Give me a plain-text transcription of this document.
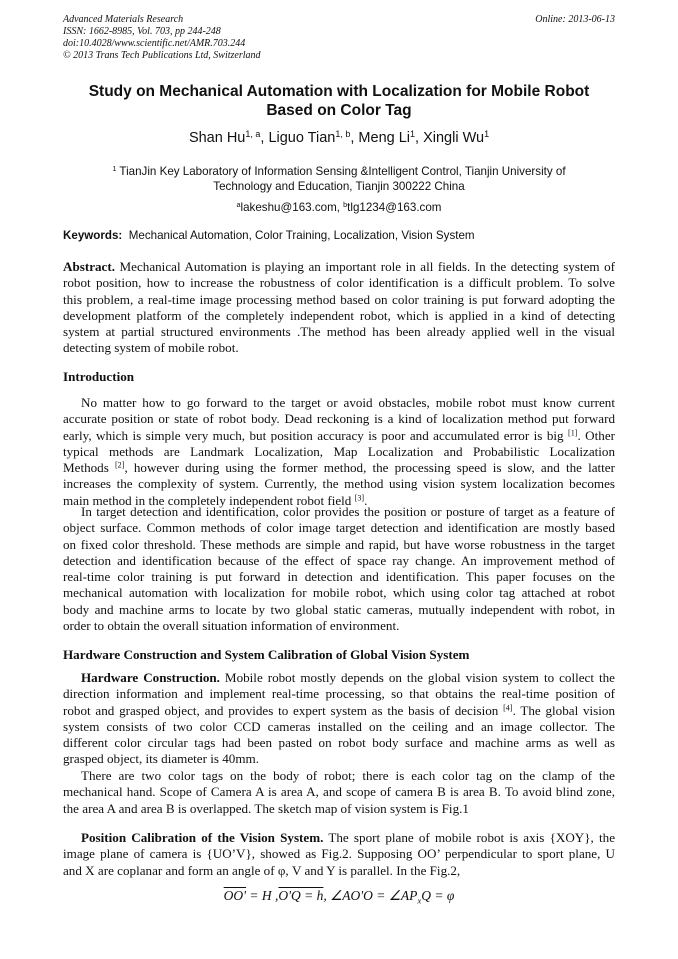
Advanced Materials Research
ISSN: 1662-8985, Vol. 703, pp 244-248
doi:10.4028/www.scientific.net/AMR.703.244
© 2013 Trans Tech Publications Ltd, Switzerland
Online: 2013-06-13
Study on Mechanical Automation with Localization for Mobile Robot
Based on Color Tag
Shan Hu$^{1, a}$, Liguo Tian$^{1, b}$, Meng Li$^1$, Xingli Wu$^1$
$^1$ TianJin Key Laboratory of Information Sensing &Intelligent Control, Tianjin University of
Technology and Education, Tianjin 300222 China
$^a$lakeshu@163.com, $^b$tlg1234@163.com
Keywords:  Mechanical Automation, Color Training, Localization, Vision System
Abstract. Mechanical Automation is playing an important role in all fields. In the detecting system of
robot position, how to increase the robustness of color identification is a difficult problem. To solve
this problem, a real-time image processing method based on color training is put forward adopting the
development platform of the completely independent robot, which is applied in a kind of detecting
system at partial structured environments .The method has been already applied well in the visual
detecting system of mobile robot.
Introduction
No matter how to go forward to the target or avoid obstacles, mobile robot must know current
accurate position or state of robot body. Dead reckoning is a kind of localization method put forward
early, which is simple very much, but position accuracy is poor and accumulated error is big [1]. Other
typical methods are Landmark Localization, Map Localization and Probabilistic Localization
Methods [2], however during using the former method, the processing speed is slow, and the latter
increases the complexity of system. Currently, the method using vision system localization becomes
main method in the completely independent robot field [3].
In target detection and identification, color provides the position or posture of target as a feature of
object surface. Common methods of color image target detection and identification are mostly based
on fixed color threshold. These methods are simple and rapid, but have worse robustness in the target
detection and identification because of the effect of space ray change. An improvement method of
real-time color training is put forward in detection and identification. This paper focuses on the
mechanical automation with localization for mobile robot, which using color tag attached at robot
body and machine arms to locate by two global static cameras, mutually independent with robot, in
order to obtain the overall situation information of environment.
Hardware Construction and System Calibration of Global Vision System
Hardware Construction. Mobile robot mostly depends on the global vision system to collect the
direction information and implement real-time processing, so that obtains the real-time position of
robot and grasped object, and provides to expert system as the basis of decision [4]. The global vision
system consists of two color CCD cameras installed on the ceiling and an image collector. The
different color circular tags had been pasted on robot body surface and machine arms as well as
grasped object, its diameter is 40mm.
There are two color tags on the body of robot; there is each color tag on the clamp of the
mechanical hand. Scope of Camera A is area A, and scope of camera B is area B. To avoid blind zone,
the area A and area B is overlapped. The sketch map of vision system is Fig.1
Position Calibration of the Vision System. The sport plane of mobile robot is axis {XOY}, the
image plane of camera is {UO’V}, showed as Fig.2. Supposing OO’ perpendicular to sport plane, U
and X are coplanar and form an angle of φ, V and Y is parallel. In the Fig.2,
OO' = H ,O'Q = h, ∠AO'O = $\angle AP_xQ = \varphi$
